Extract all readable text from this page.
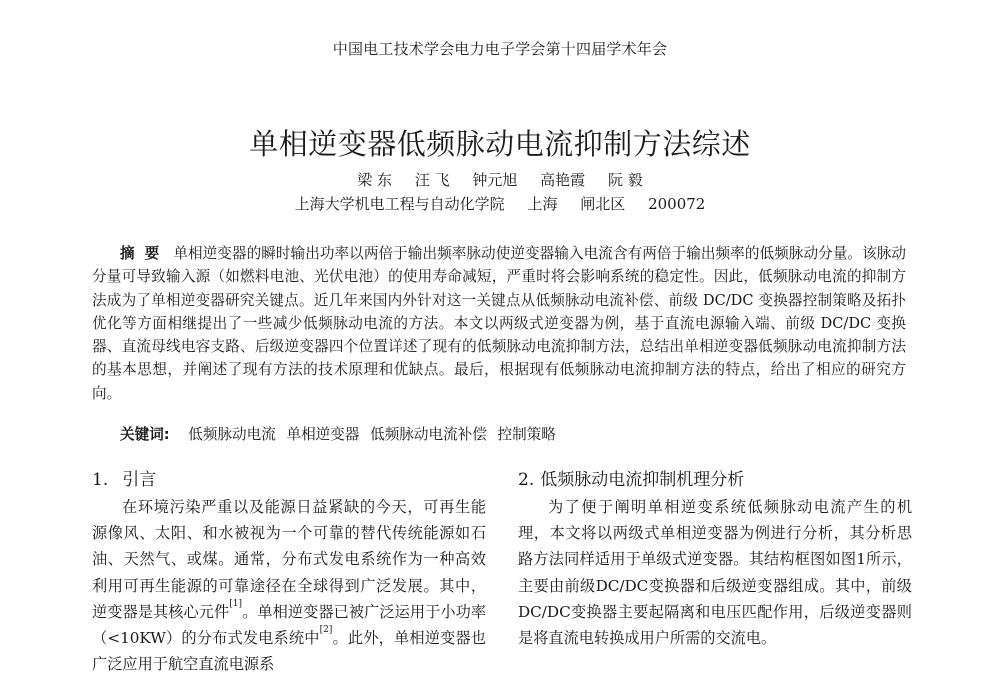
中国电工技术学会电力电子学会第十四届学术年会
单相逆变器低频脉动电流抑制方法综述
梁 东 汪 飞 钟元旭 高艳霞 阮 毅
上海大学机电工程与自动化学院 上海 闸北区 200072
摘要 单相逆变器的瞬时输出功率以两倍于输出频率脉动使逆变器输入电流含有两倍于输出频率的低频脉动分量。该脉动分量可导致输入源（如燃料电池、光伏电池）的使用寿命减短，严重时将会影响系统的稳定性。因此，低频脉动电流的抑制方法成为了单相逆变器研究关键点。近几年来国内外针对这一关键点从低频脉动电流补偿、前级 DC/DC 变换器控制策略及拓扑优化等方面相继提出了一些减少低频脉动电流的方法。本文以两级式逆变器为例，基于直流电源输入端、前级 DC/DC 变换器、直流母线电容支路、后级逆变器四个位置详述了现有的低频脉动电流抑制方法，总结出单相逆变器低频脉动电流抑制方法的基本思想，并阐述了现有方法的技术原理和优缺点。最后，根据现有低频脉动电流抑制方法的特点，给出了相应的研究方向。
关键词: 低频脉动电流 单相逆变器 低频脉动电流补偿 控制策略
1. 引言

在环境污染严重以及能源日益紧缺的今天，可再生能源像风、太阳、和水被视为一个可靠的替代传统能源如石油、天然气、或煤。通常，分布式发电系统作为一种高效利用可再生能源的可靠途径在全球得到广泛发展。其中，逆变器是其核心元件[1]。单相逆变器已被广泛运用于小功率（<10KW）的分布式发电系统中[2]。此外，单相逆变器也广泛应用于航空直流电源系

2. 低频脉动电流抑制机理分析

为了便于阐明单相逆变系统低频脉动电流产生的机理，本文将以两级式单相逆变器为例进行分析，其分析思路方法同样适用于单级式逆变器。其结构框图如图1所示，主要由前级DC/DC变换器和后级逆变器组成。其中，前级DC/DC变换器主要起隔离和电压匹配作用，后级逆变器则是将直流电转换成用户所需的交流电。
